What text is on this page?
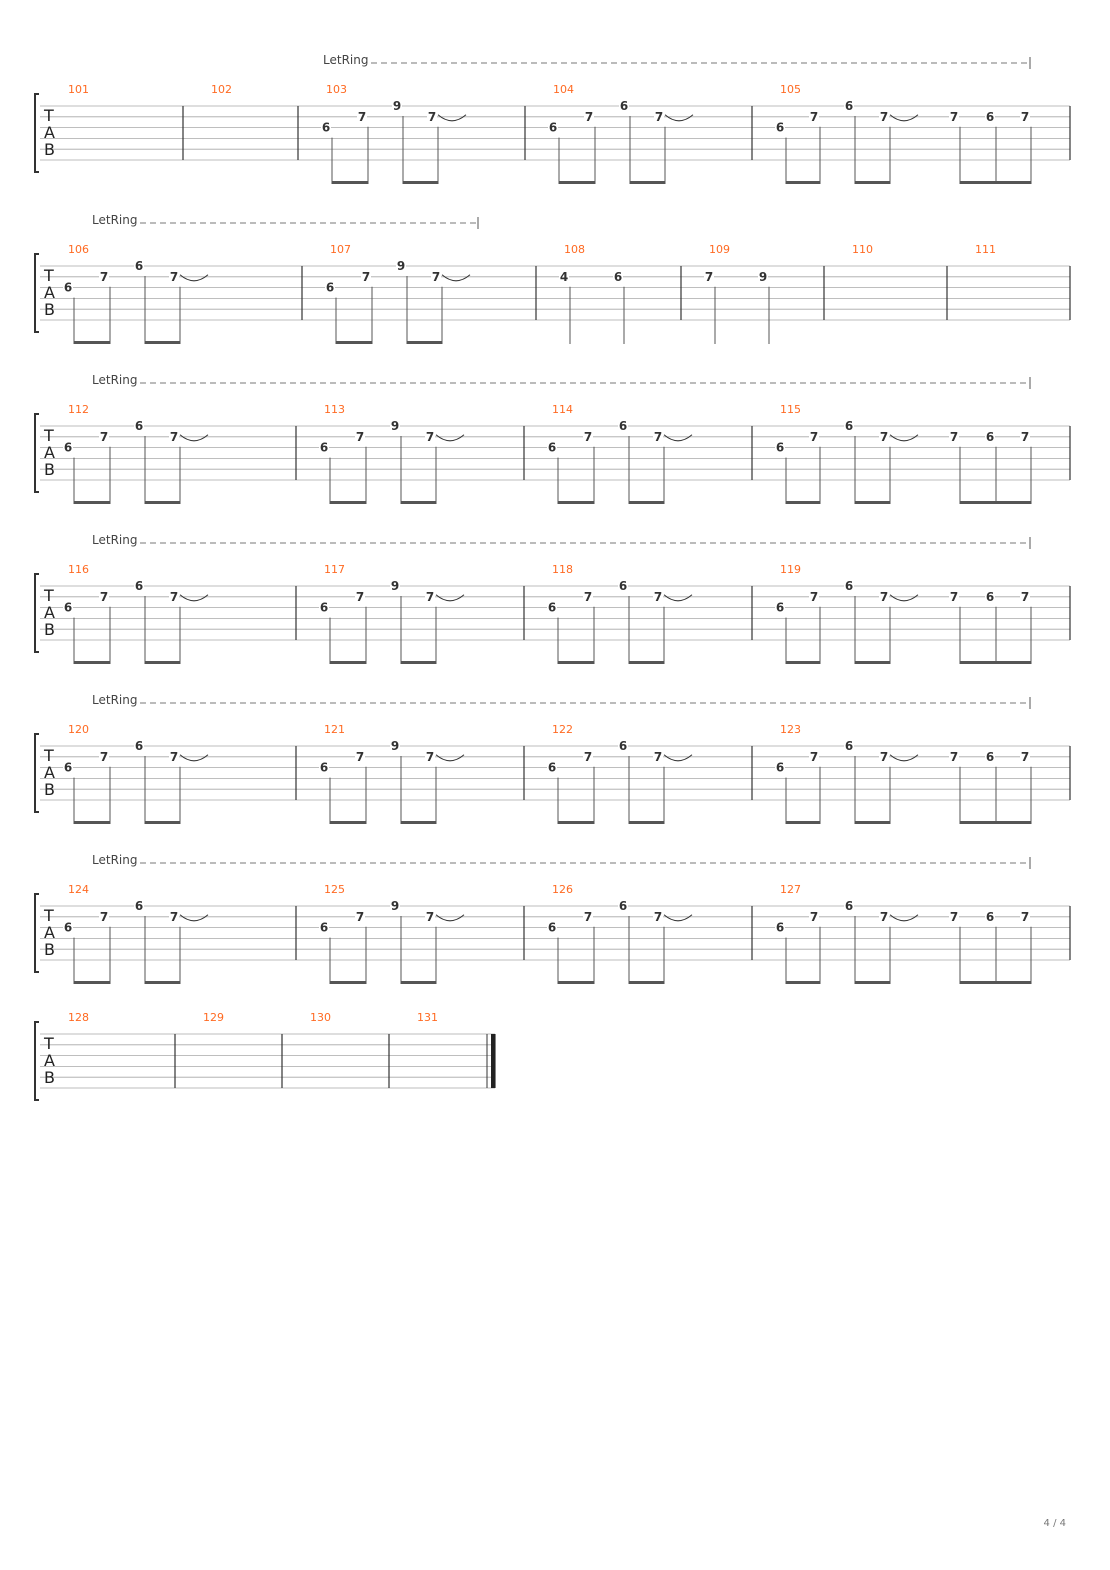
LetRing
T
A
B
101	102	103
6
7
9
7
104
6
7
6
7
105
6
7
6
7	7 6 7
LetRing
T
A
B
106
6
7
6
7
107
6
7
9
7
108
4	6
109
7	9
110	111
LetRing
T
A
B
112
6
7
6
7
113
6
7
9
7
114
6
7
6
7
115
6
7
6
7	7 6 7
LetRing
T
A
B
116
6
7
6
7
117
6
7
9
7
118
6
7
6
7
119
6
7
6
7	7 6 7
LetRing
T
A
B
120
6
7
6
7
121
6
7
9
7
122
6
7
6
7
123
6
7
6
7	7 6 7
LetRing
T
A
B
124
6
7
6
7
125
6
7
9
7
126
6
7
6
7
127
6
7
6
7	7 6 7
T
A
B
128	129	130	131
4 / 4
